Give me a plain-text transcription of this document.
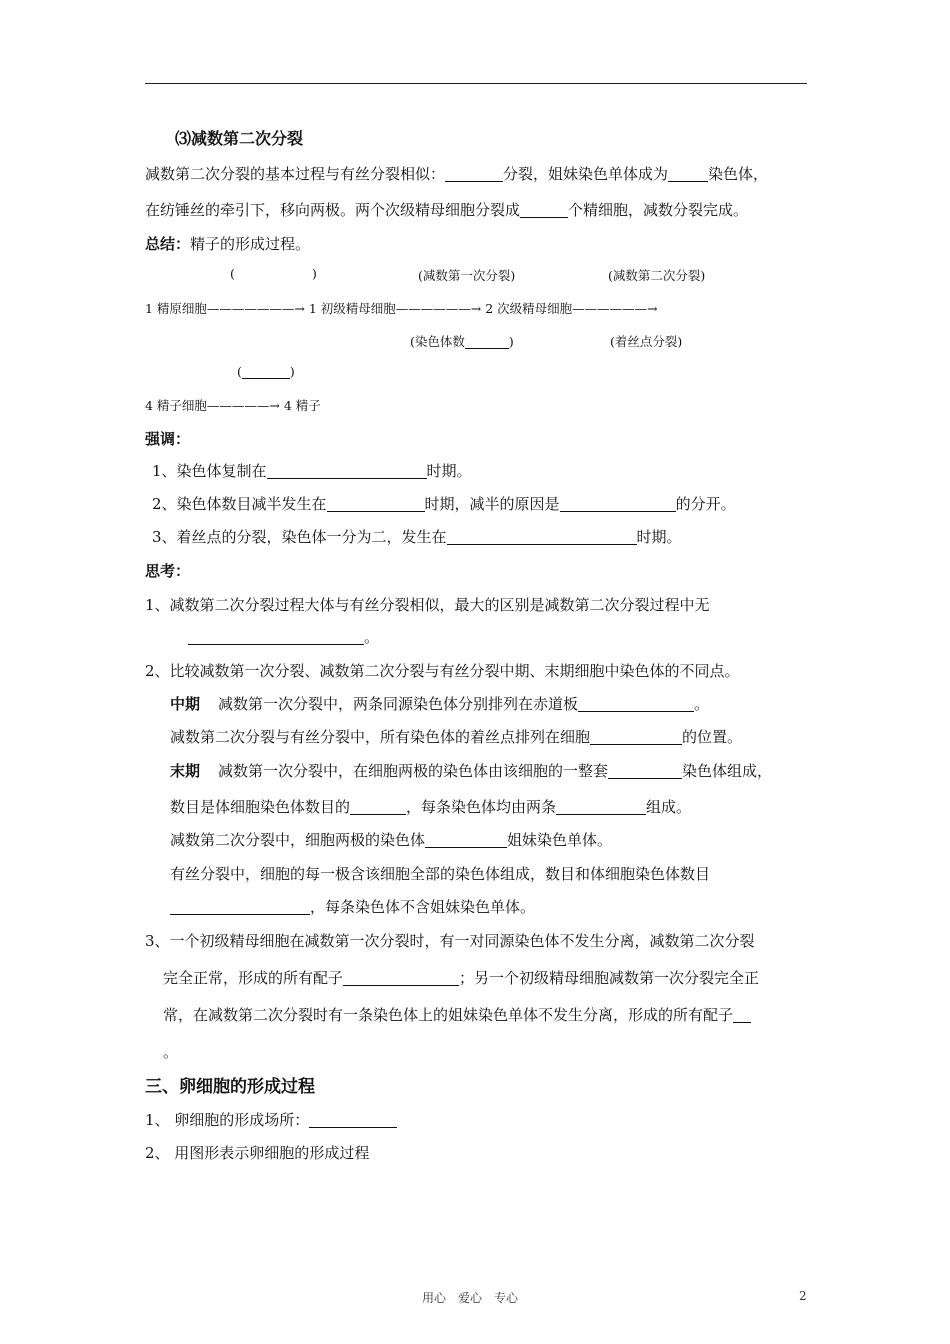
⑶减数第二次分裂
减数第二次分裂的基本过程与有丝分裂相似：	分裂，姐妹染色单体成为	染色体，
在纺锤丝的牵引下，移向两极。两个次级精母细胞分裂成	个精细胞，减数分裂完成。
总结：精子的形成过程。
(	)	(减数第一次分裂)	(减数第二次分裂)
1 精原细胞———————→ 1 初级精母细胞——————→ 2 次级精母细胞——————→
(染色体数	)	(着丝点分裂)
(	)
4 精子细胞—————→ 4 精子
强调：
1、染色体复制在	时期。
2、染色体数目减半发生在	时期，减半的原因是	的分开。
3、着丝点的分裂，染色体一分为二，发生在	时期。
思考：
1、减数第二次分裂过程大体与有丝分裂相似，最大的区别是减数第二次分裂过程中无
。
2、比较减数第一次分裂、减数第二次分裂与有丝分裂中期、末期细胞中染色体的不同点。
中期 减数第一次分裂中，两条同源染色体分别排列在赤道板	。
减数第二次分裂与有丝分裂中，所有染色体的着丝点排列在细胞	的位置。
末期 减数第一次分裂中，在细胞两极的染色体由该细胞的一整套	染色体组成，
数目是体细胞染色体数目的	，每条染色体均由两条	组成。
减数第二次分裂中，细胞两极的染色体	姐妹染色单体。
有丝分裂中，细胞的每一极含该细胞全部的染色体组成，数目和体细胞染色体数目
，每条染色体不含姐妹染色单体。
3、一个初级精母细胞在减数第一次分裂时，有一对同源染色体不发生分离，减数第二次分裂
完全正常，形成的所有配子	；另一个初级精母细胞减数第一次分裂完全正
常，在减数第二次分裂时有一条染色体上的姐妹染色单体不发生分离，形成的所有配子
。
三、卵细胞的形成过程
1、 卵细胞的形成场所：
2、 用图形表示卵细胞的形成过程
用心　爱心　专心	2
